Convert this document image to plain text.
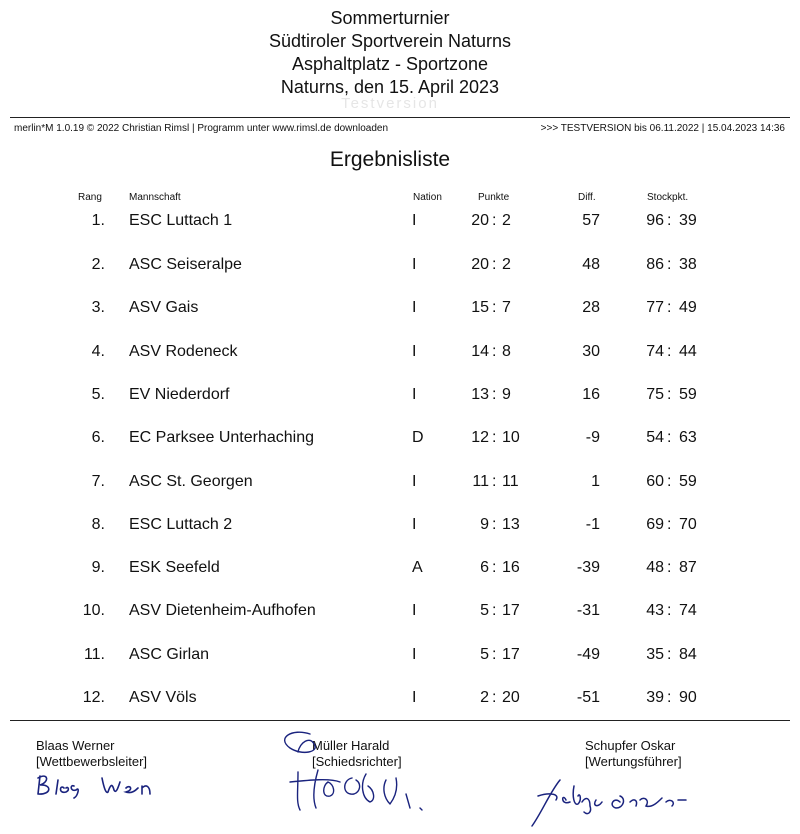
Sommerturnier
Südtiroler Sportverein Naturns
Asphaltplatz - Sportzone
Naturns, den 15. April 2023
Testversion
merlin*M 1.0.19 © 2022 Christian Rimsl | Programm unter www.rimsl.de downloaden	>>> TESTVERSION bis 06.11.2022 | 15.04.2023 14:36
Ergebnisliste
Rang	Mannschaft	Nation	Punkte	Diff.	Stockpkt.
1. ESC Luttach 1	I	20 : 2	57	96 : 39
2. ASC Seiseralpe	I	20 : 2	48	86 : 38
3. ASV Gais	I	15 : 7	28	77 : 49
4. ASV Rodeneck	I	14 : 8	30	74 : 44
5. EV Niederdorf	I	13 : 9	16	75 : 59
6. EC Parksee Unterhaching	D	12 : 10	-9	54 : 63
7. ASC St. Georgen	I	11 : 11	1	60 : 59
8. ESC Luttach 2	I	9 : 13	-1	69 : 70
9. ESK Seefeld	A	6 : 16	-39	48 : 87
10. ASV Dietenheim-Aufhofen	I	5 : 17	-31	43 : 74
11. ASC Girlan	I	5 : 17	-49	35 : 84
12. ASV Völs	I	2 : 20	-51	39 : 90
Blaas Werner
[Wettbewerbsleiter]
Müller Harald
[Schiedsrichter]
Schupfer Oskar
[Wertungsführer]
